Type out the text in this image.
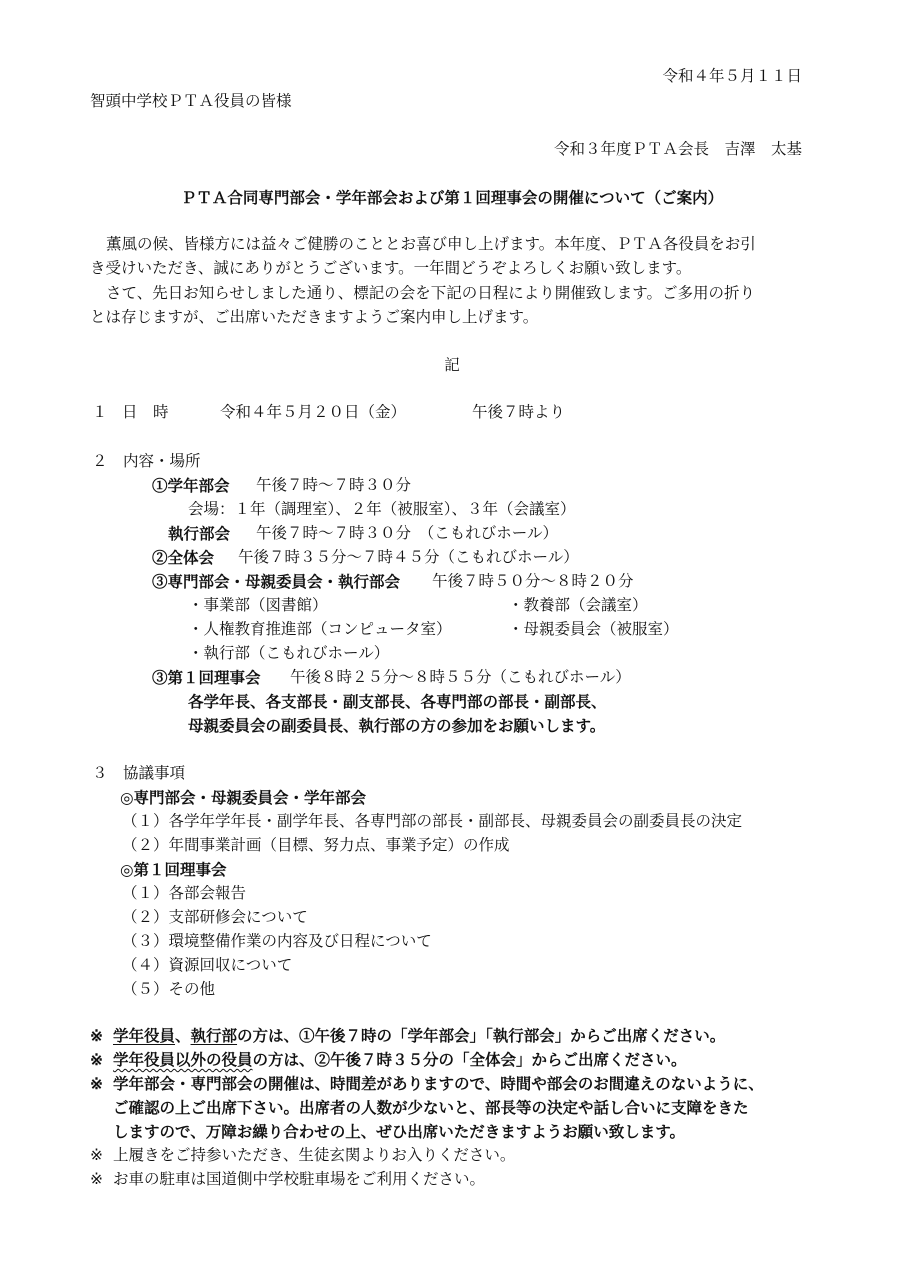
令和４年５月１１日
智頭中学校ＰＴＡ役員の皆様
令和３年度ＰＴＡ会長　吉澤　太基
ＰＴＡ合同専門部会・学年部会および第１回理事会の開催について（ご案内）
薫風の候、皆様方には益々ご健勝のこととお喜び申し上げます。本年度、ＰＴＡ各役員をお引
き受けいただき、誠にありがとうございます。一年間どうぞよろしくお願い致します。
さて、先日お知らせしました通り、標記の会を下記の日程により開催致します。ご多用の折り
とは存じますが、ご出席いただきますようご案内申し上げます。
記
１ 日　時	令和４年５月２０日（金）	午後７時より
２　内容・場所
①学年部会 午後７時～７時３０分
会場：１年（調理室）、２年（被服室）、３年（会議室）
執行部会 午後７時～７時３０分　（こもれびホール）
②全体会 午後７時３５分～７時４５分（こもれびホール）
③専門部会・母親委員会・執行部会 午後７時５０分～８時２０分
・事業部（図書館）	・教養部（会議室）
・人権教育推進部（コンピュータ室）	・母親委員会（被服室）
・執行部（こもれびホール）
③第１回理事会 午後８時２５分～８時５５分（こもれびホール）
各学年長、各支部長・副支部長、各専門部の部長・副部長、
母親委員会の副委員長、執行部の方の参加をお願いします。
３　協議事項
◎専門部会・母親委員会・学年部会
（１）各学年学年長・副学年長、各専門部の部長・副部長、母親委員会の副委員長の決定
（２）年間事業計画（目標、努力点、事業予定）の作成
◎第１回理事会
（１）各部会報告
（２）支部研修会について
（３）環境整備作業の内容及び日程について
（４）資源回収について
（５）その他
※ 学年役員、執行部の方は、①午後７時の「学年部会」「執行部会」からご出席ください。
※ 学年役員以外の役員の方は、②午後７時３５分の「全体会」からご出席ください。
※ 学年部会・専門部会の開催は、時間差がありますので、時間や部会のお間違えのないように、
ご確認の上ご出席下さい。出席者の人数が少ないと、部長等の決定や話し合いに支障をきた
しますので、万障お繰り合わせの上、ぜひ出席いただきますようお願い致します。
※ 上履きをご持参いただき、生徒玄関よりお入りください。
※ お車の駐車は国道側中学校駐車場をご利用ください。
